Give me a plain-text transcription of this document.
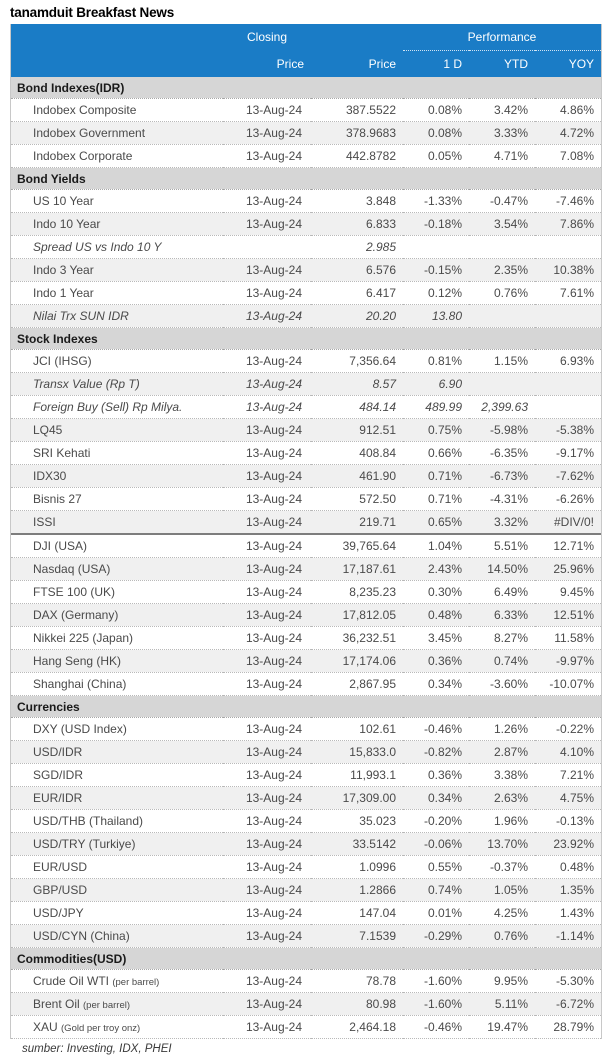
tanamduit Breakfast News
	Closing		Performance		
	Price	Price	1 D	YTD	YOY
Bond Indexes(IDR)					
Indobex Composite	13-Aug-24	387.5522	0.08%	3.42%	4.86%
Indobex Government	13-Aug-24	378.9683	0.08%	3.33%	4.72%
Indobex Corporate	13-Aug-24	442.8782	0.05%	4.71%	7.08%
Bond Yields					
US 10 Year	13-Aug-24	3.848	-1.33%	-0.47%	-7.46%
Indo 10 Year	13-Aug-24	6.833	-0.18%	3.54%	7.86%
Spread US vs Indo 10 Y		2.985			
Indo 3 Year	13-Aug-24	6.576	-0.15%	2.35%	10.38%
Indo 1 Year	13-Aug-24	6.417	0.12%	0.76%	7.61%
Nilai Trx SUN IDR	13-Aug-24	20.20	13.80		
Stock Indexes					
JCI (IHSG)	13-Aug-24	7,356.64	0.81%	1.15%	6.93%
Transx Value (Rp T)	13-Aug-24	8.57	6.90		
Foreign Buy (Sell) Rp Milya.	13-Aug-24	484.14	489.99	2,399.63	
LQ45	13-Aug-24	912.51	0.75%	-5.98%	-5.38%
SRI Kehati	13-Aug-24	408.84	0.66%	-6.35%	-9.17%
IDX30	13-Aug-24	461.90	0.71%	-6.73%	-7.62%
Bisnis 27	13-Aug-24	572.50	0.71%	-4.31%	-6.26%
ISSI	13-Aug-24	219.71	0.65%	3.32%	#DIV/0!
DJI (USA)	13-Aug-24	39,765.64	1.04%	5.51%	12.71%
Nasdaq (USA)	13-Aug-24	17,187.61	2.43%	14.50%	25.96%
FTSE 100 (UK)	13-Aug-24	8,235.23	0.30%	6.49%	9.45%
DAX (Germany)	13-Aug-24	17,812.05	0.48%	6.33%	12.51%
Nikkei 225 (Japan)	13-Aug-24	36,232.51	3.45%	8.27%	11.58%
Hang Seng (HK)	13-Aug-24	17,174.06	0.36%	0.74%	-9.97%
Shanghai (China)	13-Aug-24	2,867.95	0.34%	-3.60%	-10.07%
Currencies					
DXY (USD Index)	13-Aug-24	102.61	-0.46%	1.26%	-0.22%
USD/IDR	13-Aug-24	15,833.0	-0.82%	2.87%	4.10%
SGD/IDR	13-Aug-24	11,993.1	0.36%	3.38%	7.21%
EUR/IDR	13-Aug-24	17,309.00	0.34%	2.63%	4.75%
USD/THB (Thailand)	13-Aug-24	35.023	-0.20%	1.96%	-0.13%
USD/TRY (Turkiye)	13-Aug-24	33.5142	-0.06%	13.70%	23.92%
EUR/USD	13-Aug-24	1.0996	0.55%	-0.37%	0.48%
GBP/USD	13-Aug-24	1.2866	0.74%	1.05%	1.35%
USD/JPY	13-Aug-24	147.04	0.01%	4.25%	1.43%
USD/CYN (China)	13-Aug-24	7.1539	-0.29%	0.76%	-1.14%
Commodities(USD)					
Crude Oil WTI (per barrel)	13-Aug-24	78.78	-1.60%	9.95%	-5.30%
Brent Oil (per barrel)	13-Aug-24	80.98	-1.60%	5.11%	-6.72%
XAU (Gold per troy onz)	13-Aug-24	2,464.18	-0.46%	19.47%	28.79%
sumber: Investing, IDX, PHEI
